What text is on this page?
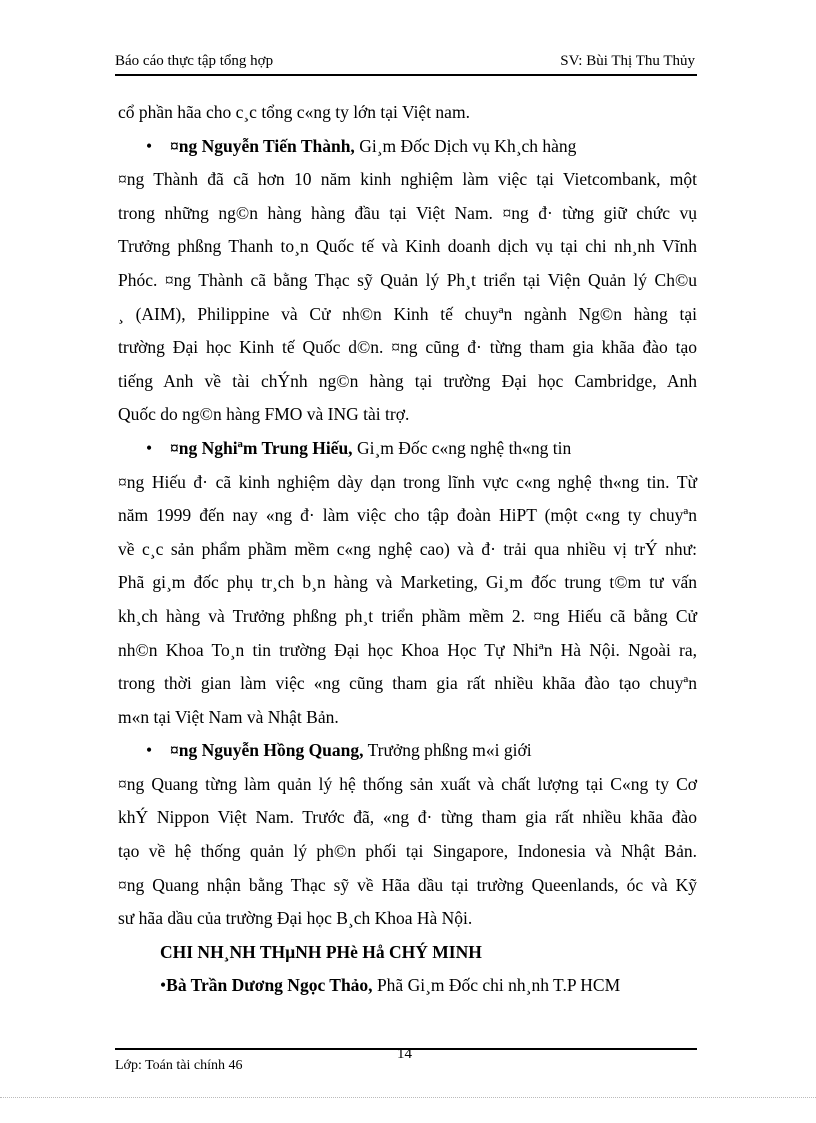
Báo cáo thực tập tổng hợp	SV: Bùi Thị Thu Thủy

cổ phần hãa cho c¸c tổng c«ng ty lớn tại Việt nam.

• ¤ng Nguyễn Tiến Thành, Gi¸m Đốc Dịch vụ Kh¸ch hàng

¤ng Thành đã cã hơn 10 năm kinh nghiệm làm việc tại Vietcombank, một
trong những ng©n hàng hàng đầu tại Việt Nam. ¤ng đ· từng giữ chức vụ
Trưởng phßng Thanh to¸n Quốc tế và Kinh doanh dịch vụ tại chi nh¸nh Vĩnh
Phóc. ¤ng Thành cã bằng Thạc sỹ Quản lý Ph¸t triển tại Viện Quản lý Ch©u
¸ (AIM), Philippine và Cử nh©n Kinh tế chuyªn ngành Ng©n hàng tại
trường Đại học Kinh tế Quốc d©n. ¤ng cũng đ· từng tham gia khãa đào tạo
tiếng Anh về tài chÝnh ng©n hàng tại trường Đại học Cambridge, Anh
Quốc do ng©n hàng FMO và ING tài trợ.

• ¤ng Nghiªm Trung Hiếu, Gi¸m Đốc c«ng nghệ th«ng tin

¤ng Hiếu đ· cã kinh nghiệm dày dạn trong lĩnh vực c«ng nghệ th«ng tin. Từ
năm 1999 đến nay «ng đ· làm việc cho tập đoàn HiPT (một c«ng ty chuyªn
về c¸c sản phẩm phầm mềm c«ng nghệ cao) và đ· trải qua nhiều vị trÝ như:
Phã gi¸m đốc phụ tr¸ch b¸n hàng và Marketing, Gi¸m đốc trung t©m tư vấn
kh¸ch hàng và Trưởng phßng ph¸t triển phầm mềm 2. ¤ng Hiếu cã bằng Cử
nh©n Khoa To¸n tin trường Đại học Khoa Học Tự Nhiªn Hà Nội. Ngoài ra,
trong thời gian làm việc «ng cũng tham gia rất nhiều khãa đào tạo chuyªn
m«n tại Việt Nam và Nhật Bản.

• ¤ng Nguyễn Hồng Quang, Trưởng phßng m«i giới

¤ng Quang từng làm quản lý hệ thống sản xuất và chất lượng tại C«ng ty Cơ
khÝ Nippon Việt Nam. Trước đã, «ng đ· từng tham gia rất nhiều khãa đào
tạo về hệ thống quản lý ph©n phối tại Singapore, Indonesia và Nhật Bản.
¤ng Quang nhận bằng Thạc sỹ về Hãa dầu tại trường Queenlands, óc và Kỹ
sư hãa dầu của trường Đại học B¸ch Khoa Hà Nội.

CHI NH¸NH THµNH PHè Hå CHÝ MINH

•Bà Trần Dương Ngọc Thảo, Phã Gi¸m Đốc chi nh¸nh T.P HCM

Lớp: Toán tài chính 46
14
